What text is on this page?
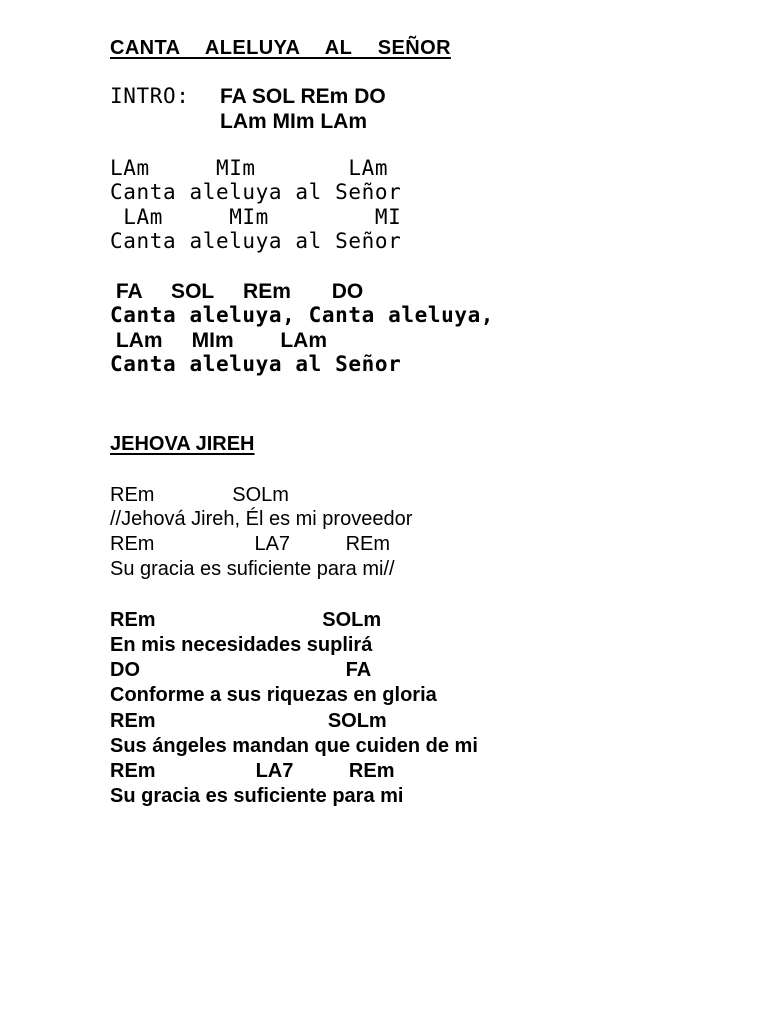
CANTA  ALELUYA  AL  SEÑOR
INTRO: FA SOL REm DO
LAm MIm LAm
LAm     MIm       LAm
Canta aleluya al Señor
LAm     MIm        MI
Canta aleluya al Señor
FA     SOL     REm       DO
Canta aleluya, Canta aleluya,
LAm     MIm        LAm
Canta aleluya al Señor
JEHOVA JIREH
REm              SOLm
//Jehová Jireh, Él es mi proveedor
REm                  LA7          REm
Su gracia es suficiente para mi//
REm                              SOLm
En mis necesidades suplirá
DO                                     FA
Conforme a sus riquezas en gloria
REm                               SOLm
Sus ángeles mandan que cuiden de mi
REm                  LA7          REm
Su gracia es suficiente para mi
